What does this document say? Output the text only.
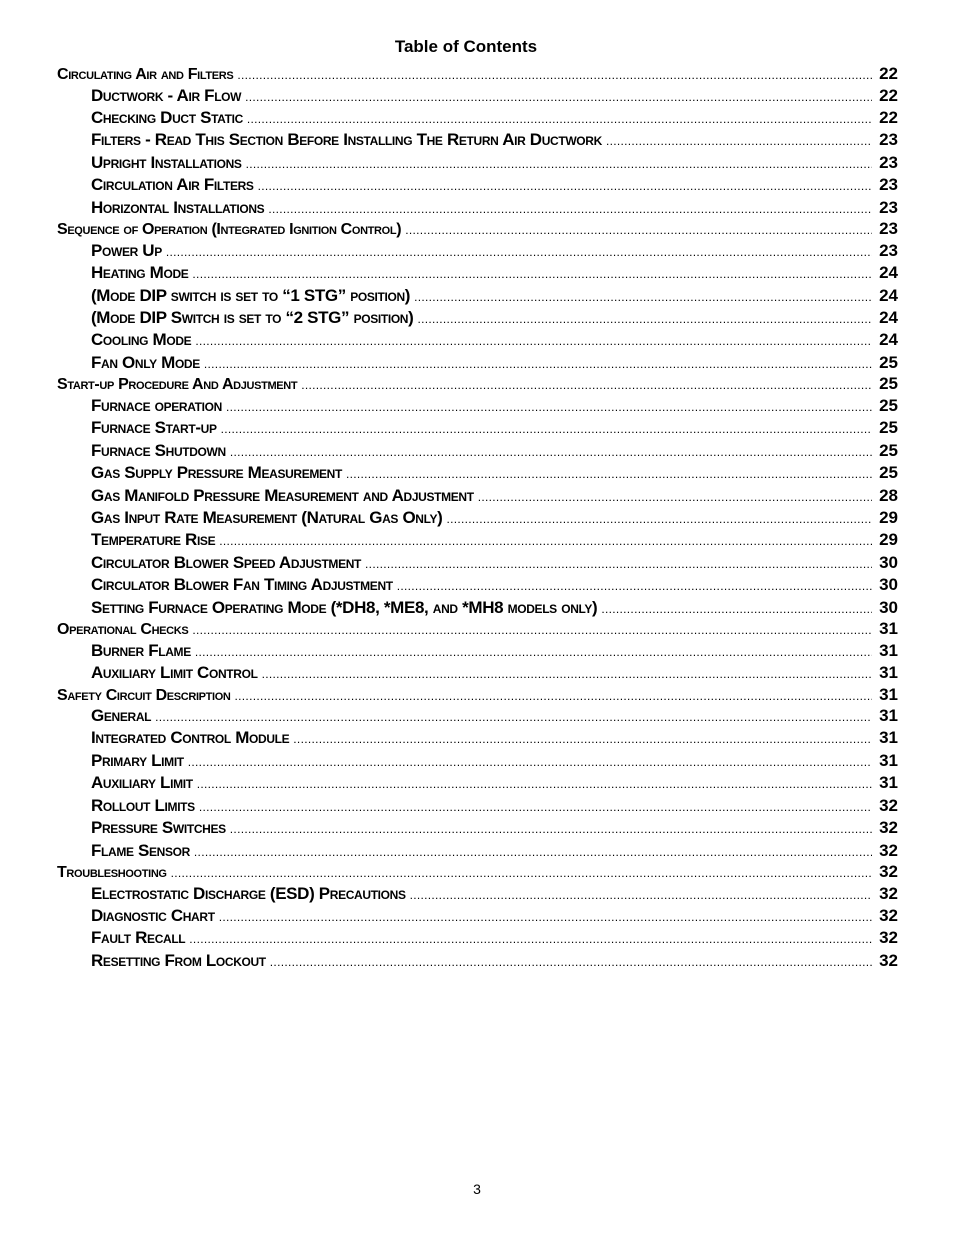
Table of Contents
Circulating Air and Filters .....	22
Ductwork - Air Flow .....	22
Checking Duct Static .....	22
Filters - Read This Section Before Installing The Return Air Ductwork .....	23
Upright Installations .....	23
Circulation Air Filters .....	23
Horizontal Installations .....	23
Sequence of Operation (Integrated Ignition Control) .....	23
Power Up .....	23
Heating Mode .....	24
(Mode DIP switch is set to “1 STG” position) .....	24
(Mode DIP Switch is set to “2 STG” position) .....	24
Cooling Mode .....	24
Fan Only Mode .....	25
Start-up Procedure And Adjustment .....	25
Furnace operation .....	25
Furnace Start-up .....	25
Furnace Shutdown .....	25
Gas Supply Pressure Measurement .....	25
Gas Manifold Pressure Measurement and Adjustment .....	28
Gas Input Rate Measurement (Natural Gas Only) .....	29
Temperature Rise .....	29
Circulator Blower Speed Adjustment .....	30
Circulator Blower Fan Timing Adjustment .....	30
Setting Furnace Operating Mode (*DH8, *ME8, and *MH8 models only) .....	30
Operational Checks .....	31
Burner Flame .....	31
Auxiliary Limit Control .....	31
Safety Circuit Description .....	31
General .....	31
Integrated Control Module .....	31
Primary Limit .....	31
Auxiliary Limit .....	31
Rollout Limits .....	32
Pressure Switches .....	32
Flame Sensor .....	32
Troubleshooting .....	32
Electrostatic Discharge (ESD) Precautions .....	32
Diagnostic Chart .....	32
Fault Recall .....	32
Resetting From Lockout .....	32
3
